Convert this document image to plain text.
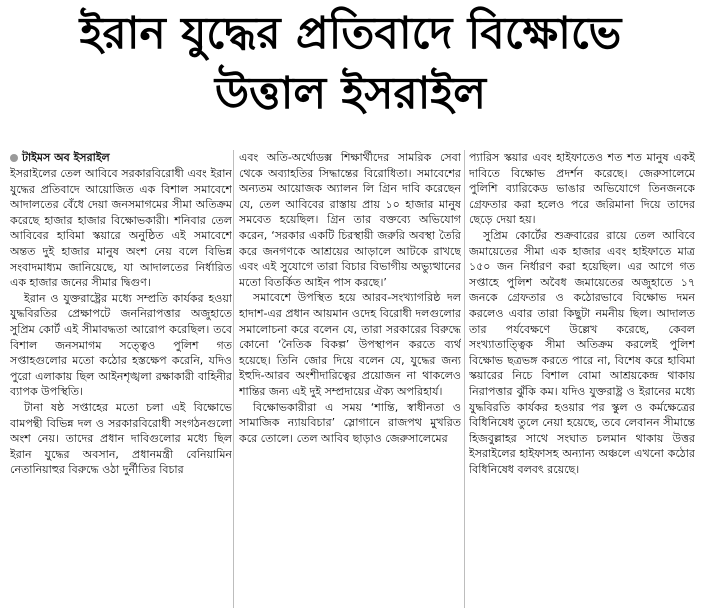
ইরান যুদ্ধের প্রতিবাদে বিক্ষোভে
উত্তাল ইসরাইল
টাইমস অব ইসরাইল

ইসরাইলের তেল আবিবে সরকারবিরোধী এবং ইরান যুদ্ধের প্রতিবাদে আয়োজিত এক বিশাল সমাবেশে আদালতের বেঁধে দেয়া জনসমাগমের সীমা অতিক্রম করেছে হাজার হাজার বিক্ষোভকারী। শনিবার তেল আবিবের হাবিমা স্কয়ারে অনুষ্ঠিত এই সমাবেশে অন্তত দুই হাজার মানুষ অংশ নেয় বলে বিভিন্ন সংবাদমাধ্যম জানিয়েছে, যা আদালতের নির্ধারিত এক হাজার জনের সীমার দ্বিগুণ।

ইরান ও যুক্তরাষ্ট্রের মধ্যে সম্প্রতি কার্যকর হওয়া যুদ্ধবিরতির প্রেক্ষাপটে জননিরাপত্তার অজুহাতে সুপ্রিম কোর্ট এই সীমাবদ্ধতা আরোপ করেছিল। তবে বিশাল জনসমাগম সত্ত্বেও পুলিশ গত সপ্তাহগুলোর মতো কঠোর হস্তক্ষেপ করেনি, যদিও পুরো এলাকায় ছিল আইনশৃঙ্খলা রক্ষাকারী বাহিনীর ব্যাপক উপস্থিতি।

টানা ষষ্ঠ সপ্তাহের মতো চলা এই বিক্ষোভে বামপন্থী বিভিন্ন দল ও সরকারবিরোধী সংগঠনগুলো অংশ নেয়। তাদের প্রধান দাবিগুলোর মধ্যে ছিল ইরান যুদ্ধের অবসান, প্রধানমন্ত্রী বেনিয়ামিন নেতানিয়াহুর বিরুদ্ধে ওঠা দুর্নীতির বিচার

এবং অতি-অর্থোডক্স শিক্ষার্থীদের সামরিক সেবা থেকে অব্যাহতির সিদ্ধান্তের বিরোধিতা। সমাবেশের অন্যতম আয়োজক অ্যালন লি গ্রিন দাবি করেছেন যে, তেল আবিবের রাস্তায় প্রায় ১০ হাজার মানুষ সমবেত হয়েছিল। গ্রিন তার বক্তব্যে অভিযোগ করেন, ‘সরকার একটি চিরস্থায়ী জরুরি অবস্থা তৈরি করে জনগণকে আশ্রয়ের আড়ালে আটকে রাখছে এবং এই সুযোগে তারা বিচার বিভাগীয় অভ্যুত্থানের মতো বিতর্কিত আইন পাস করছে।’

সমাবেশে উপস্থিত হয়ে আরব-সংখ্যাগরিষ্ঠ দল হাদাশ-এর প্রধান আয়মান ওদেহ বিরোধী দলগুলোর সমালোচনা করে বলেন যে, তারা সরকারের বিরুদ্ধে কোনো ‘নৈতিক বিকল্প’ উপস্থাপন করতে ব্যর্থ হয়েছে। তিনি জোর দিয়ে বলেন যে, যুদ্ধের জন্য ইহুদি-আরব অংশীদারিত্বের প্রয়োজন না থাকলেও শান্তির জন্য এই দুই সম্প্রদায়ের ঐক্য অপরিহার্য।

বিক্ষোভকারীরা এ সময় ‘শান্তি, স্বাধীনতা ও সামাজিক ন্যায়বিচার’ স্লোগানে রাজপথ মুখরিত করে তোলে। তেল আবিব ছাড়াও জেরুসালেমের

প্যারিস স্কয়ার এবং হাইফাতেও শত শত মানুষ একই দাবিতে বিক্ষোভ প্রদর্শন করেছে। জেরুসালেমে পুলিশি ব্যারিকেড ভাঙার অভিযোগে তিনজনকে গ্রেফতার করা হলেও পরে জরিমানা দিয়ে তাদের ছেড়ে দেয়া হয়।

সুপ্রিম কোর্টের শুক্রবারের রায়ে তেল আবিবে জমায়েতের সীমা এক হাজার এবং হাইফাতে মাত্র ১৫০ জন নির্ধারণ করা হয়েছিল। এর আগে গত সপ্তাহে পুলিশ অবৈধ জমায়েতের অজুহাতে ১৭ জনকে গ্রেফতার ও কঠোরভাবে বিক্ষোভ দমন করলেও এবার তারা কিছুটা নমনীয় ছিল। আদালত তার পর্যবেক্ষণে উল্লেখ করেছে, কেবল সংখ্যাতাত্ত্বিক সীমা অতিক্রম করলেই পুলিশ বিক্ষোভ ছত্রভঙ্গ করতে পারে না, বিশেষ করে হাবিমা স্কয়ারের নিচে বিশাল বোমা আশ্রয়কেন্দ্র থাকায় নিরাপত্তার ঝুঁকি কম। যদিও যুক্তরাষ্ট্র ও ইরানের মধ্যে যুদ্ধবিরতি কার্যকর হওয়ার পর স্কুল ও কর্মক্ষেত্রের বিধিনিষেধ তুলে নেয়া হয়েছে, তবে লেবানন সীমান্তে হিজবুল্লাহর সাথে সংঘাত চলমান থাকায় উত্তর ইসরাইলের হাইফাসহ অন্যান্য অঞ্চলে এখনো কঠোর বিধিনিষেধ বলবৎ রয়েছে।
